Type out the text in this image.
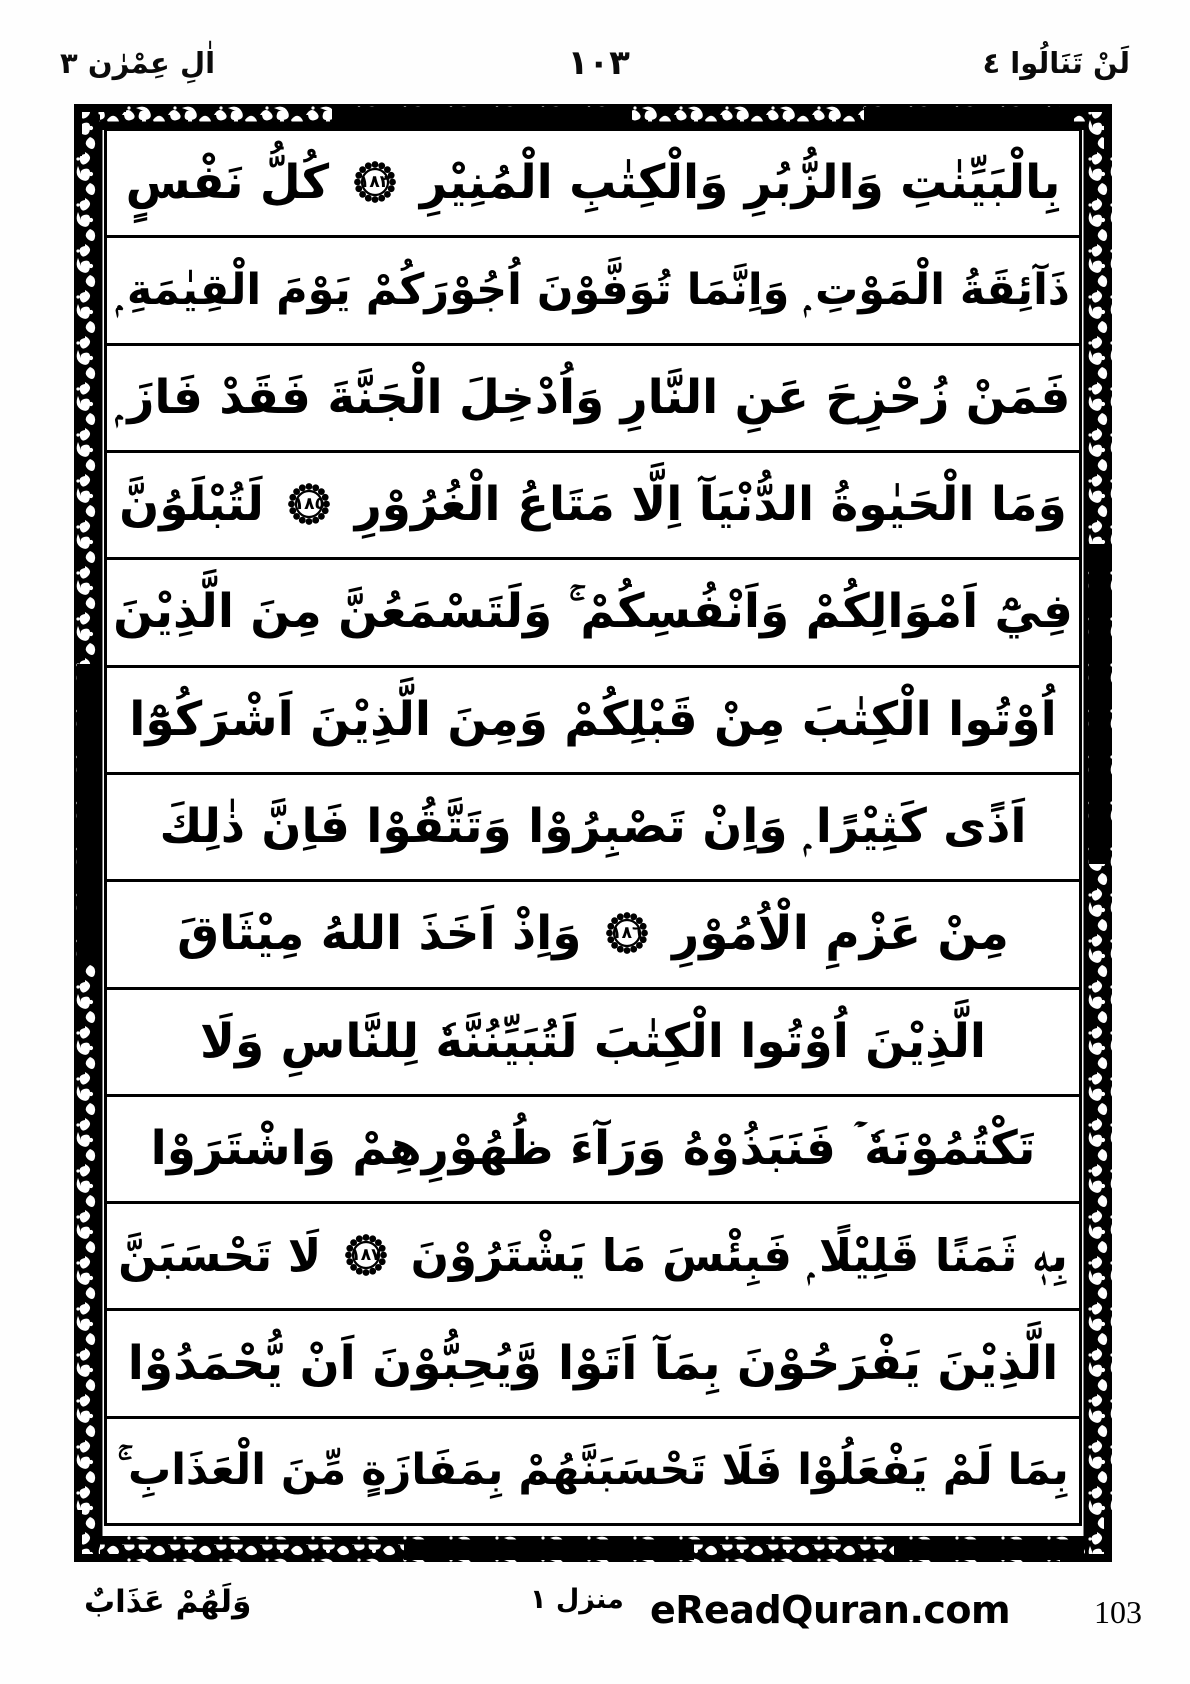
لَنْ تَنَالُوا ٤
١٠٣
اٰلِ عِمْرٰن ٣
بِالْبَيِّنٰتِ وَالزُّبُرِ وَالْكِتٰبِ الْمُنِيْرِ
١٨٣
كُلُّ نَفْسٍ
ذَآئِقَةُ الْمَوْتِ ۭ وَاِنَّمَا تُوَفَّوْنَ اُجُوْرَكُمْ يَوْمَ الْقِيٰمَةِ ۭ
فَمَنْ زُحْزِحَ عَنِ النَّارِ وَاُدْخِلَ الْجَنَّةَ فَقَدْ فَازَ ۭ
وَمَا الْحَيٰوةُ الدُّنْيَآ اِلَّا مَتَاعُ الْغُرُوْرِ
١٨٥
لَتُبْلَوُنَّ
فِيْٓ اَمْوَالِكُمْ وَاَنْفُسِكُمْ ۚ وَلَتَسْمَعُنَّ مِنَ الَّذِيْنَ
اُوْتُوا الْكِتٰبَ مِنْ قَبْلِكُمْ وَمِنَ الَّذِيْنَ اَشْرَكُوْٓا
اَذًى كَثِيْرًا ۭ وَاِنْ تَصْبِرُوْا وَتَتَّقُوْا فَاِنَّ ذٰلِكَ
مِنْ عَزْمِ الْاُمُوْرِ
١٨٦
وَاِذْ اَخَذَ اللهُ مِيْثَاقَ
الَّذِيْنَ اُوْتُوا الْكِتٰبَ لَتُبَيِّنُنَّهٗ لِلنَّاسِ وَلَا
تَكْتُمُوْنَهٗ ۡ فَنَبَذُوْهُ وَرَآءَ ظُهُوْرِهِمْ وَاشْتَرَوْا
بِهٖ ثَمَنًا قَلِيْلًا ۭ فَبِئْسَ مَا يَشْتَرُوْنَ
١٨٧
لَا تَحْسَبَنَّ
الَّذِيْنَ يَفْرَحُوْنَ بِمَآ اَتَوْا وَّيُحِبُّوْنَ اَنْ يُّحْمَدُوْا
بِمَا لَمْ يَفْعَلُوْا فَلَا تَحْسَبَنَّهُمْ بِمَفَازَةٍ مِّنَ الْعَذَابِ ۚ
وَلَهُمْ عَذَابٌ	منزل ١ eReadQuran.com	103
